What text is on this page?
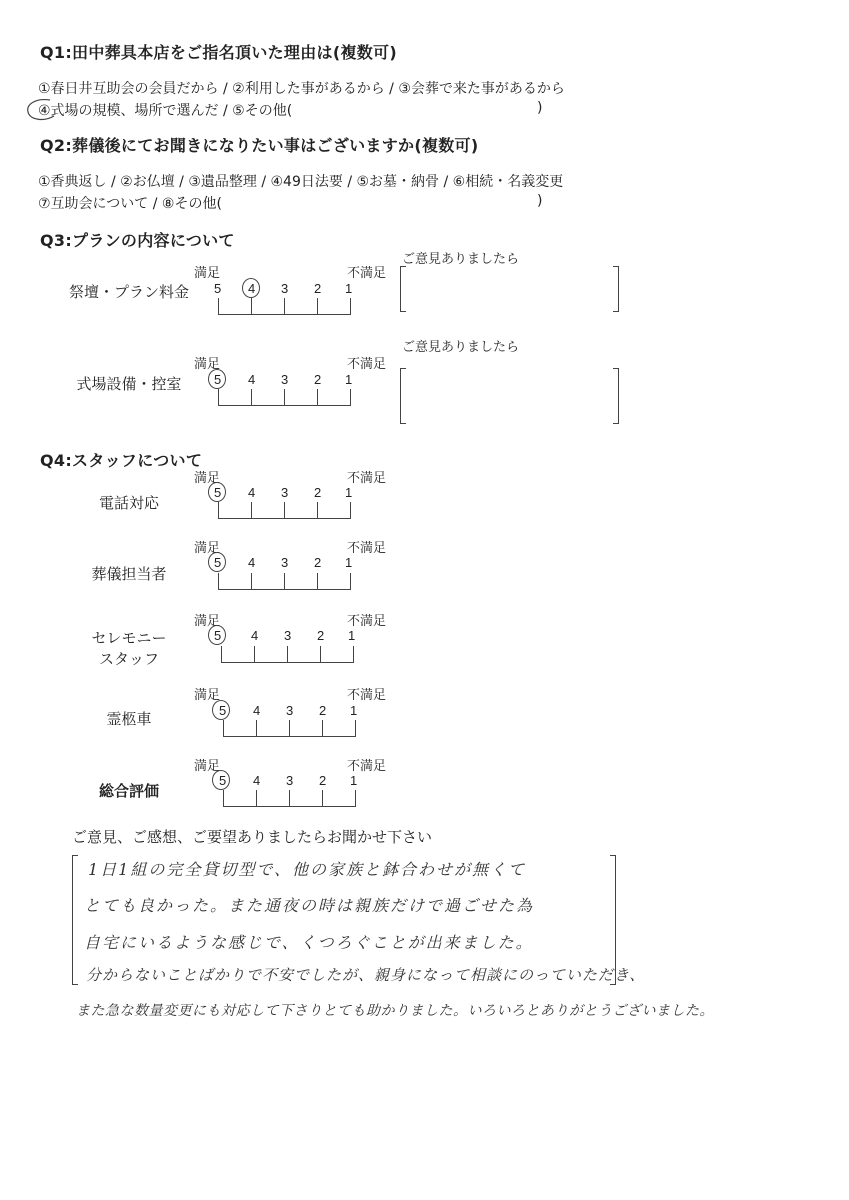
Q1:田中葬具本店をご指名頂いた理由は(複数可)
①春日井互助会の会員だから / ②利用した事があるから / ③会葬で来た事があるから
④式場の規模、場所で選んだ / ⑤その他(	)
Q2:葬儀後にてお聞きになりたい事はございますか(複数可)
①香典返し / ②お仏壇 / ③遺品整理 / ④49日法要 / ⑤お墓・納骨 / ⑥相続・名義変更
⑦互助会について / ⑧その他(	)
Q3:プランの内容について
祭壇・プラン料金
満足	不満足
5 4 3 2 1
ご意見ありましたら
式場設備・控室
満足	不満足
5 4 3 2 1
ご意見ありましたら
Q4:スタッフについて
電話対応
満足	不満足
5 4 3 2 1
葬儀担当者
満足	不満足
5 4 3 2 1
セレモニー
スタッフ
満足	不満足
5 4 3 2 1
霊柩車
満足	不満足
5 4 3 2 1
総合評価
満足	不満足
5 4 3 2 1
ご意見、ご感想、ご要望ありましたらお聞かせ下さい
1日1組の完全貸切型で、他の家族と鉢合わせが無くて
とても良かった。また通夜の時は親族だけで過ごせた為
自宅にいるような感じで、くつろぐことが出来ました。
分からないことばかりで不安でしたが、親身になって相談にのっていただき、
また急な数量変更にも対応して下さりとても助かりました。いろいろとありがとうございました。
